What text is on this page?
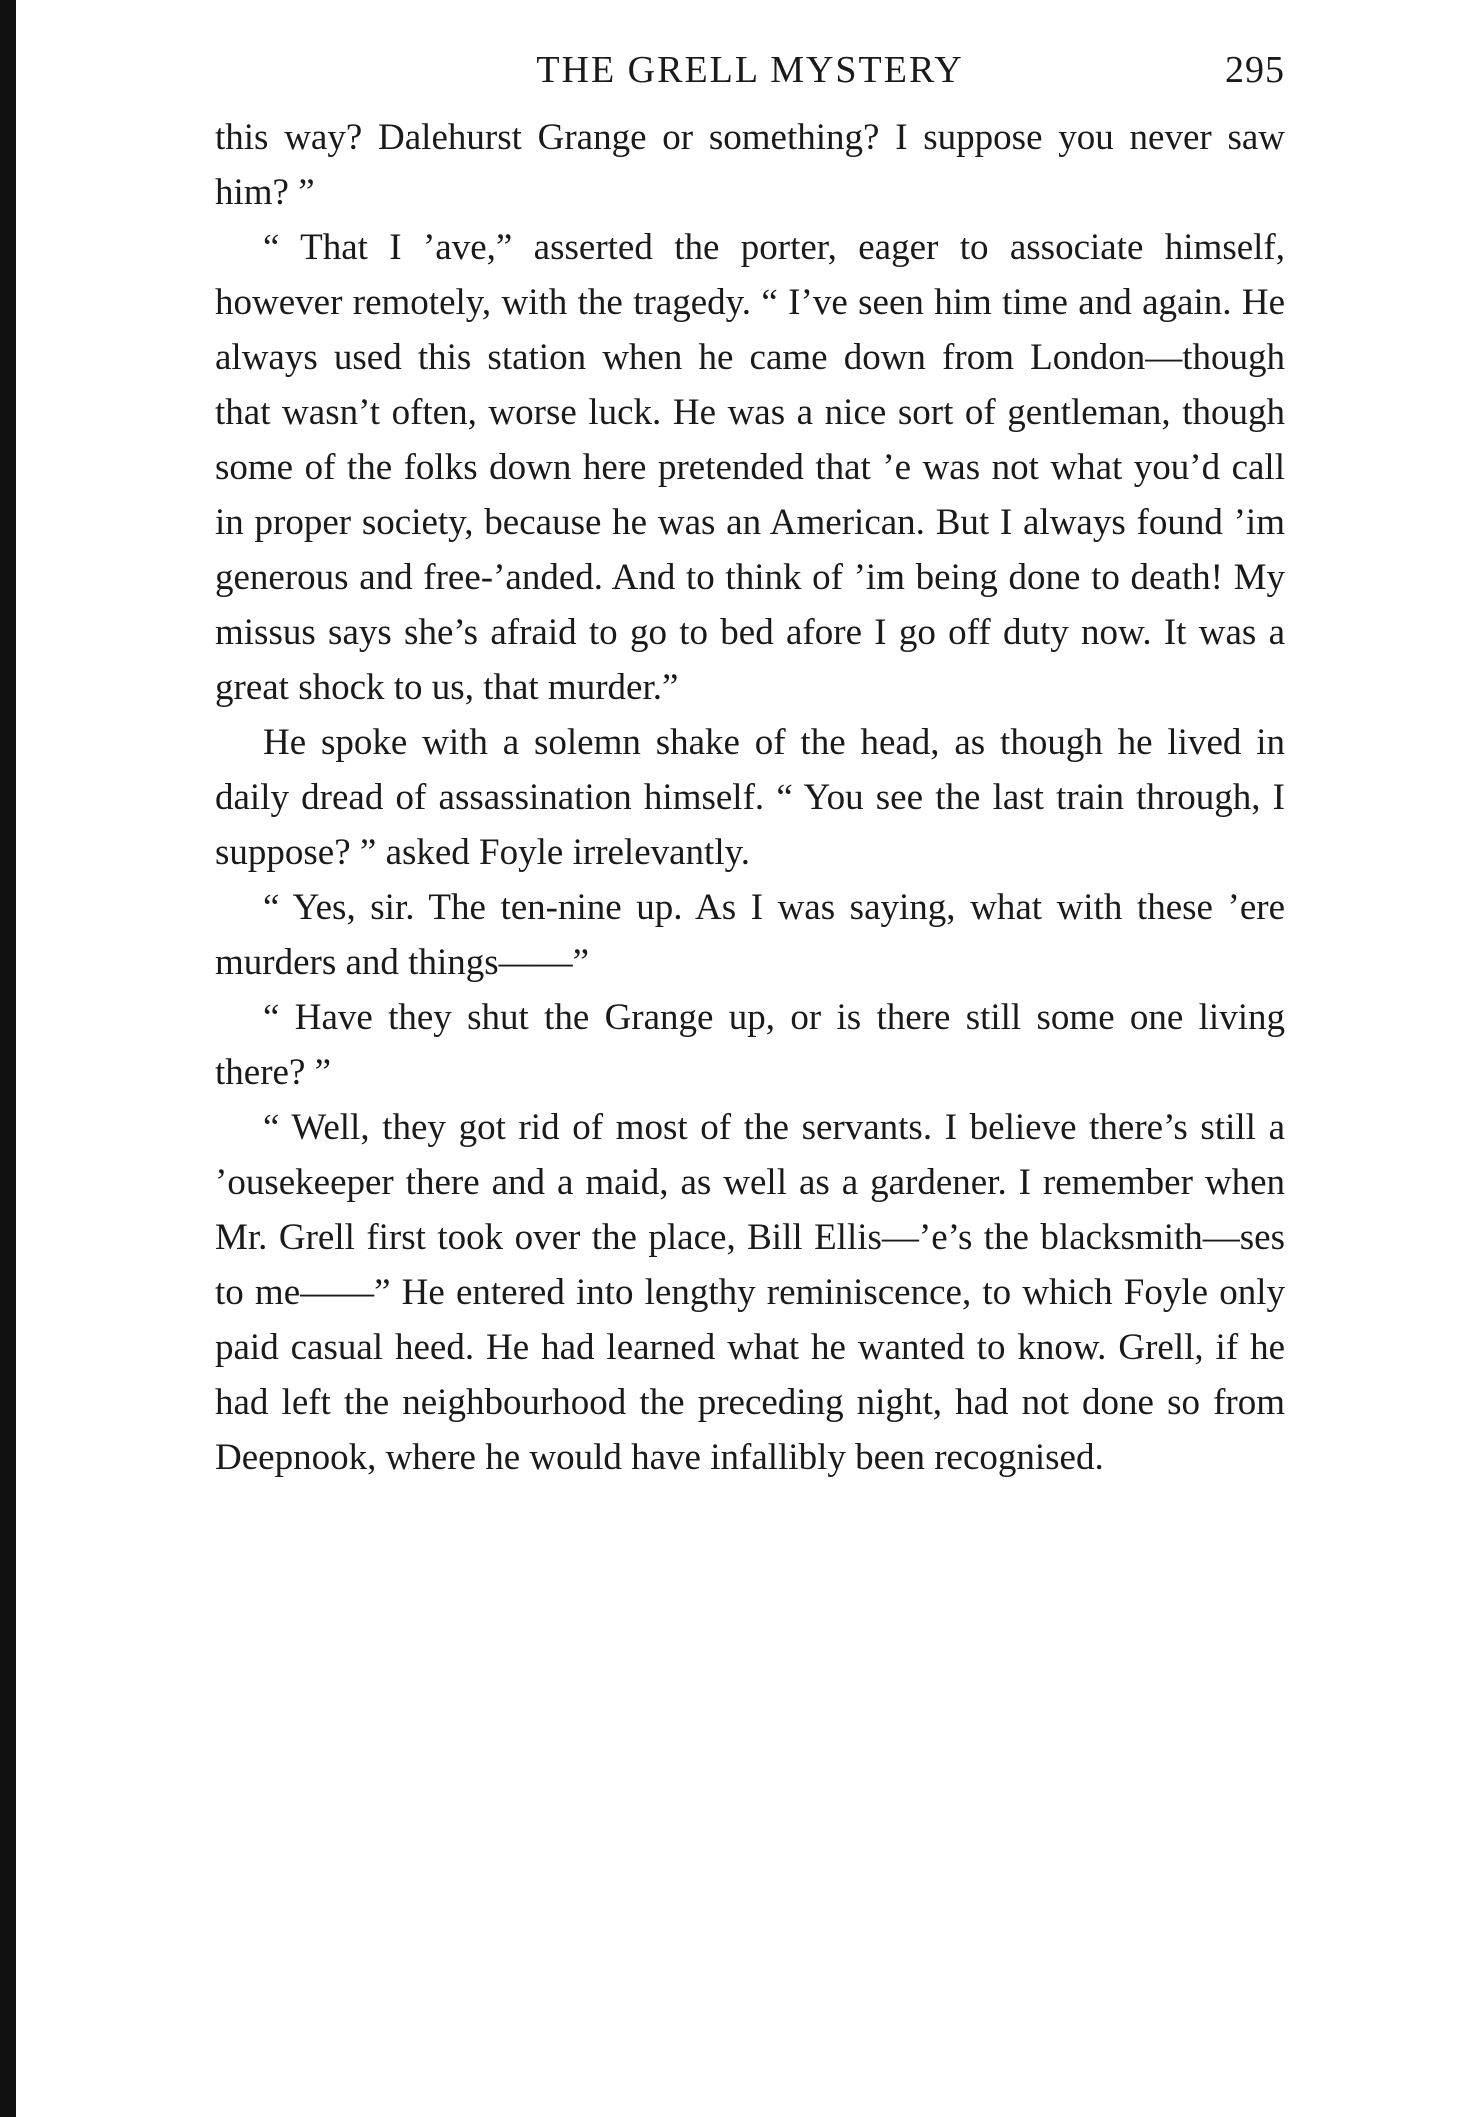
THE GRELL MYSTERY	295

this way? Dalehurst Grange or something? I suppose you never saw him? ”

“ That I ’ave,” asserted the porter, eager to associate himself, however remotely, with the tragedy. “ I’ve seen him time and again. He always used this station when he came down from London—though that wasn’t often, worse luck. He was a nice sort of gentleman, though some of the folks down here pretended that ’e was not what you’d call in proper society, because he was an American. But I always found ’im generous and free-’anded. And to think of ’im being done to death! My missus says she’s afraid to go to bed afore I go off duty now. It was a great shock to us, that murder.”

He spoke with a solemn shake of the head, as though he lived in daily dread of assassination himself. “ You see the last train through, I suppose? ” asked Foyle irrelevantly.

“ Yes, sir. The ten-nine up. As I was saying, what with these ’ere murders and things——”

“ Have they shut the Grange up, or is there still some one living there? ”

“ Well, they got rid of most of the servants. I believe there’s still a ’ousekeeper there and a maid, as well as a gardener. I remember when Mr. Grell first took over the place, Bill Ellis—’e’s the blacksmith—ses to me——” He entered into lengthy reminiscence, to which Foyle only paid casual heed. He had learned what he wanted to know. Grell, if he had left the neighbourhood the preceding night, had not done so from Deepnook, where he would have infallibly been recognised.
